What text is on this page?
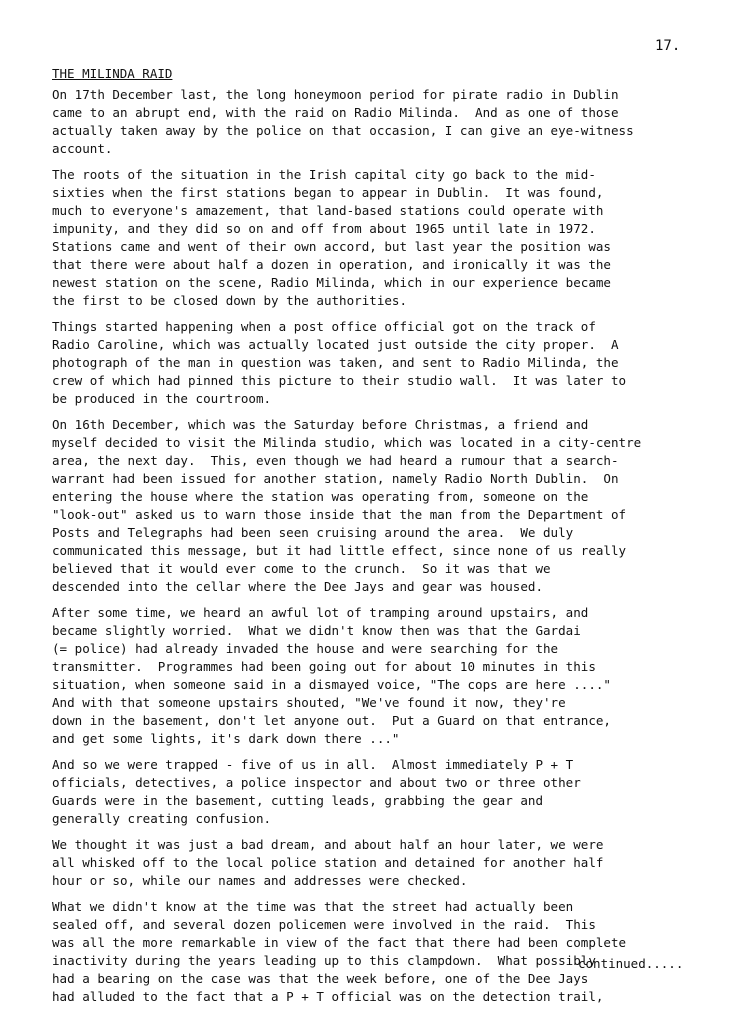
17.
THE MILINDA RAID
On 17th December last, the long honeymoon period for pirate radio in Dublin
came to an abrupt end, with the raid on Radio Milinda.  And as one of those
actually taken away by the police on that occasion, I can give an eye-witness
account.
The roots of the situation in the Irish capital city go back to the mid-
sixties when the first stations began to appear in Dublin.  It was found,
much to everyone's amazement, that land-based stations could operate with
impunity, and they did so on and off from about 1965 until late in 1972.
Stations came and went of their own accord, but last year the position was
that there were about half a dozen in operation, and ironically it was the
newest station on the scene, Radio Milinda, which in our experience became
the first to be closed down by the authorities.
Things started happening when a post office official got on the track of
Radio Caroline, which was actually located just outside the city proper.  A
photograph of the man in question was taken, and sent to Radio Milinda, the
crew of which had pinned this picture to their studio wall.  It was later to
be produced in the courtroom.
On 16th December, which was the Saturday before Christmas, a friend and
myself decided to visit the Milinda studio, which was located in a city-centre
area, the next day.  This, even though we had heard a rumour that a search-
warrant had been issued for another station, namely Radio North Dublin.  On
entering the house where the station was operating from, someone on the
"look-out" asked us to warn those inside that the man from the Department of
Posts and Telegraphs had been seen cruising around the area.  We duly
communicated this message, but it had little effect, since none of us really
believed that it would ever come to the crunch.  So it was that we
descended into the cellar where the Dee Jays and gear was housed.
After some time, we heard an awful lot of tramping around upstairs, and
became slightly worried.  What we didn't know then was that the Gardai
(= police) had already invaded the house and were searching for the
transmitter.  Programmes had been going out for about 10 minutes in this
situation, when someone said in a dismayed voice, "The cops are here ...."
And with that someone upstairs shouted, "We've found it now, they're
down in the basement, don't let anyone out.  Put a Guard on that entrance,
and get some lights, it's dark down there ..."
And so we were trapped - five of us in all.  Almost immediately P + T
officials, detectives, a police inspector and about two or three other
Guards were in the basement, cutting leads, grabbing the gear and
generally creating confusion.
We thought it was just a bad dream, and about half an hour later, we were
all whisked off to the local police station and detained for another half
hour or so, while our names and addresses were checked.
What we didn't know at the time was that the street had actually been
sealed off, and several dozen policemen were involved in the raid.  This
was all the more remarkable in view of the fact that there had been complete
inactivity during the years leading up to this clampdown.  What possibly
had a bearing on the case was that the week before, one of the Dee Jays
had alluded to the fact that a P + T official was on the detection trail,
continued.....
